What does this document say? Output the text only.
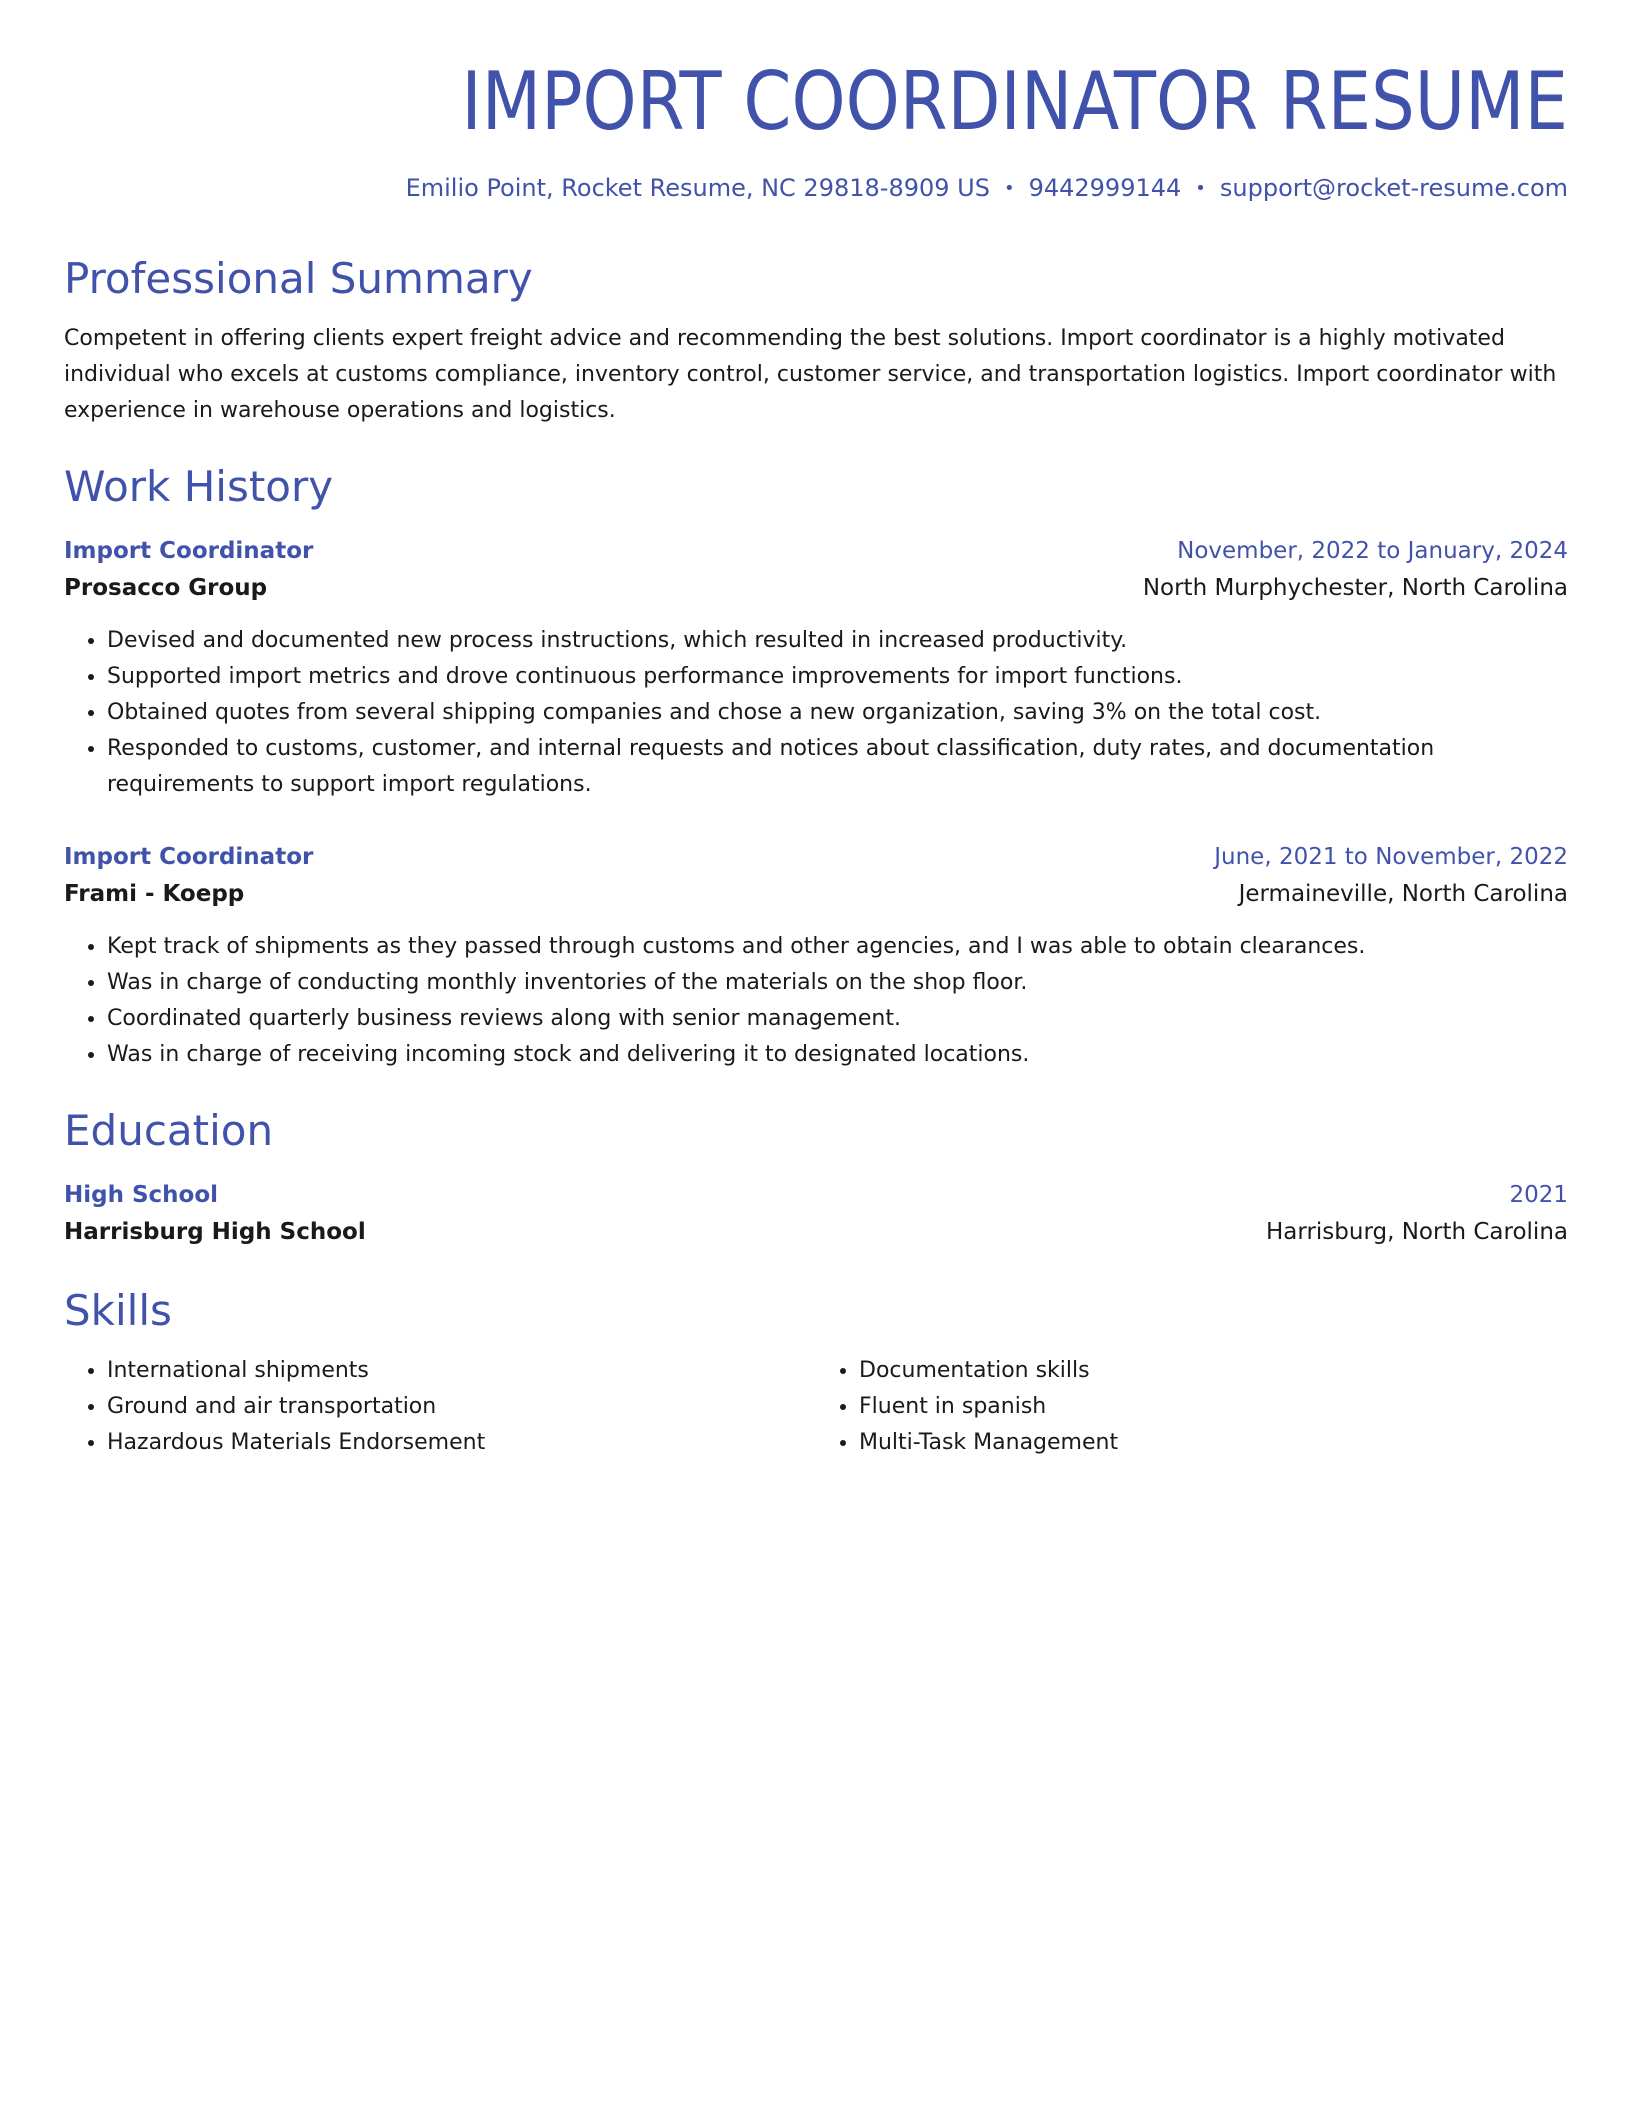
IMPORT COORDINATOR RESUME
Emilio Point, Rocket Resume, NC 29818-8909 US • 9442999144 • support@rocket-resume.com
Professional Summary

Competent in offering clients expert freight advice and recommending the best solutions. Import coordinator is a highly motivated individual who excels at customs compliance, inventory control, customer service, and transportation logistics. Import coordinator with experience in warehouse operations and logistics.

Work History
Import Coordinator	November, 2022 to January, 2024
Prosacco Group	North Murphychester, North Carolina
• Devised and documented new process instructions, which resulted in increased productivity.
• Supported import metrics and drove continuous performance improvements for import functions.
• Obtained quotes from several shipping companies and chose a new organization, saving 3% on the total cost.
• Responded to customs, customer, and internal requests and notices about classification, duty rates, and documentation requirements to support import regulations.
Import Coordinator	June, 2021 to November, 2022
Frami - Koepp	Jermaineville, North Carolina
• Kept track of shipments as they passed through customs and other agencies, and I was able to obtain clearances.
• Was in charge of conducting monthly inventories of the materials on the shop floor.
• Coordinated quarterly business reviews along with senior management.
• Was in charge of receiving incoming stock and delivering it to designated locations.
Education
High School	2021
Harrisburg High School	Harrisburg, North Carolina
Skills
• International shipments
• Ground and air transportation
• Hazardous Materials Endorsement
• Documentation skills
• Fluent in spanish
• Multi-Task Management
